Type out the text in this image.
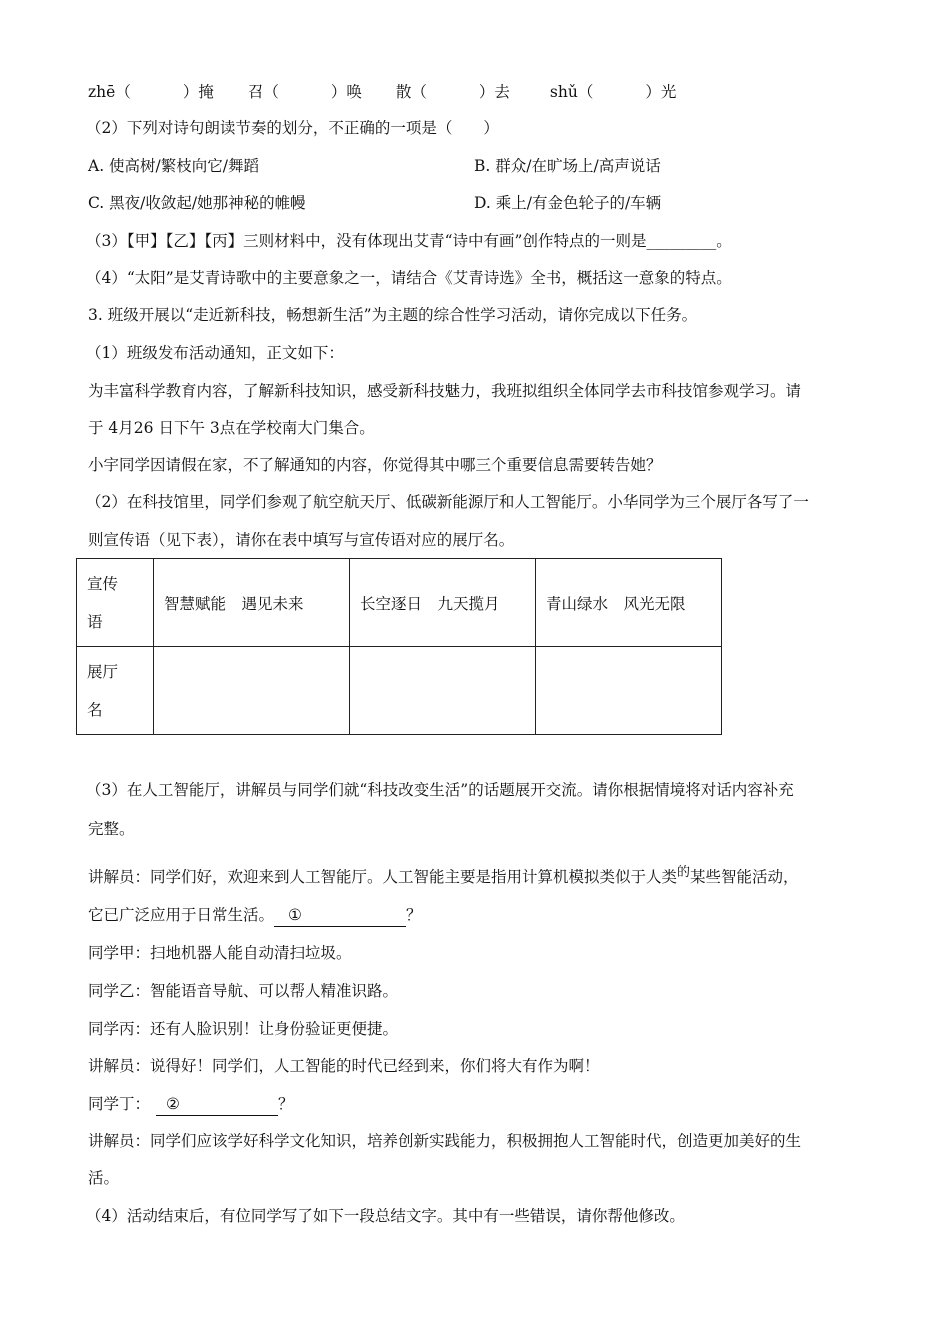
zhē（	）掩 召（	）唤 散（	）去	shǔ（	）光
（2）下列对诗句朗读节奏的划分，不正确的一项是（　　）
A. 使高树/繁枝向它/舞蹈	B. 群众/在旷场上/高声说话
C. 黑夜/收敛起/她那神秘的帷幔	D. 乘上/有金色轮子的/车辆
（3）【甲】【乙】【丙】三则材料中，没有体现出艾青“诗中有画”创作特点的一则是_________。
（4）“太阳”是艾青诗歌中的主要意象之一，请结合《艾青诗选》全书，概括这一意象的特点。
3. 班级开展以“走近新科技，畅想新生活”为主题的综合性学习活动，请你完成以下任务。
（1）班级发布活动通知，正文如下：
为丰富科学教育内容，了解新科技知识，感受新科技魅力，我班拟组织全体同学去市科技馆参观学习。请
于 4月26 日下午 3点在学校南大门集合。
小宇同学因请假在家，不了解通知的内容，你觉得其中哪三个重要信息需要转告她？
（2）在科技馆里，同学们参观了航空航天厅、低碳新能源厅和人工智能厅。小华同学为三个展厅各写了一
则宣传语（见下表），请你在表中填写与宣传语对应的展厅名。
宣传
语	智慧赋能　遇见未来	长空逐日　九天揽月	青山绿水　风光无限

展厅
名			

（3）在人工智能厅，讲解员与同学们就“科技改变生活”的话题展开交流。请你根据情境将对话内容补充
完整。
讲解员：同学们好，欢迎来到人工智能厅。人工智能主要是指用计算机模拟类似于人类$^的$某些智能活动，
它已广泛应用于日常生活。 ①	？
同学甲：扫地机器人能自动清扫垃圾。
同学乙：智能语音导航、可以帮人精准识路。
同学丙：还有人脸识别！让身份验证更便捷。
讲解员：说得好！同学们，人工智能的时代已经到来，你们将大有作为啊！
同学丁： ②	？
讲解员：同学们应该学好科学文化知识，培养创新实践能力，积极拥抱人工智能时代，创造更加美好的生
活。
（4）活动结束后，有位同学写了如下一段总结文字。其中有一些错误，请你帮他修改。
